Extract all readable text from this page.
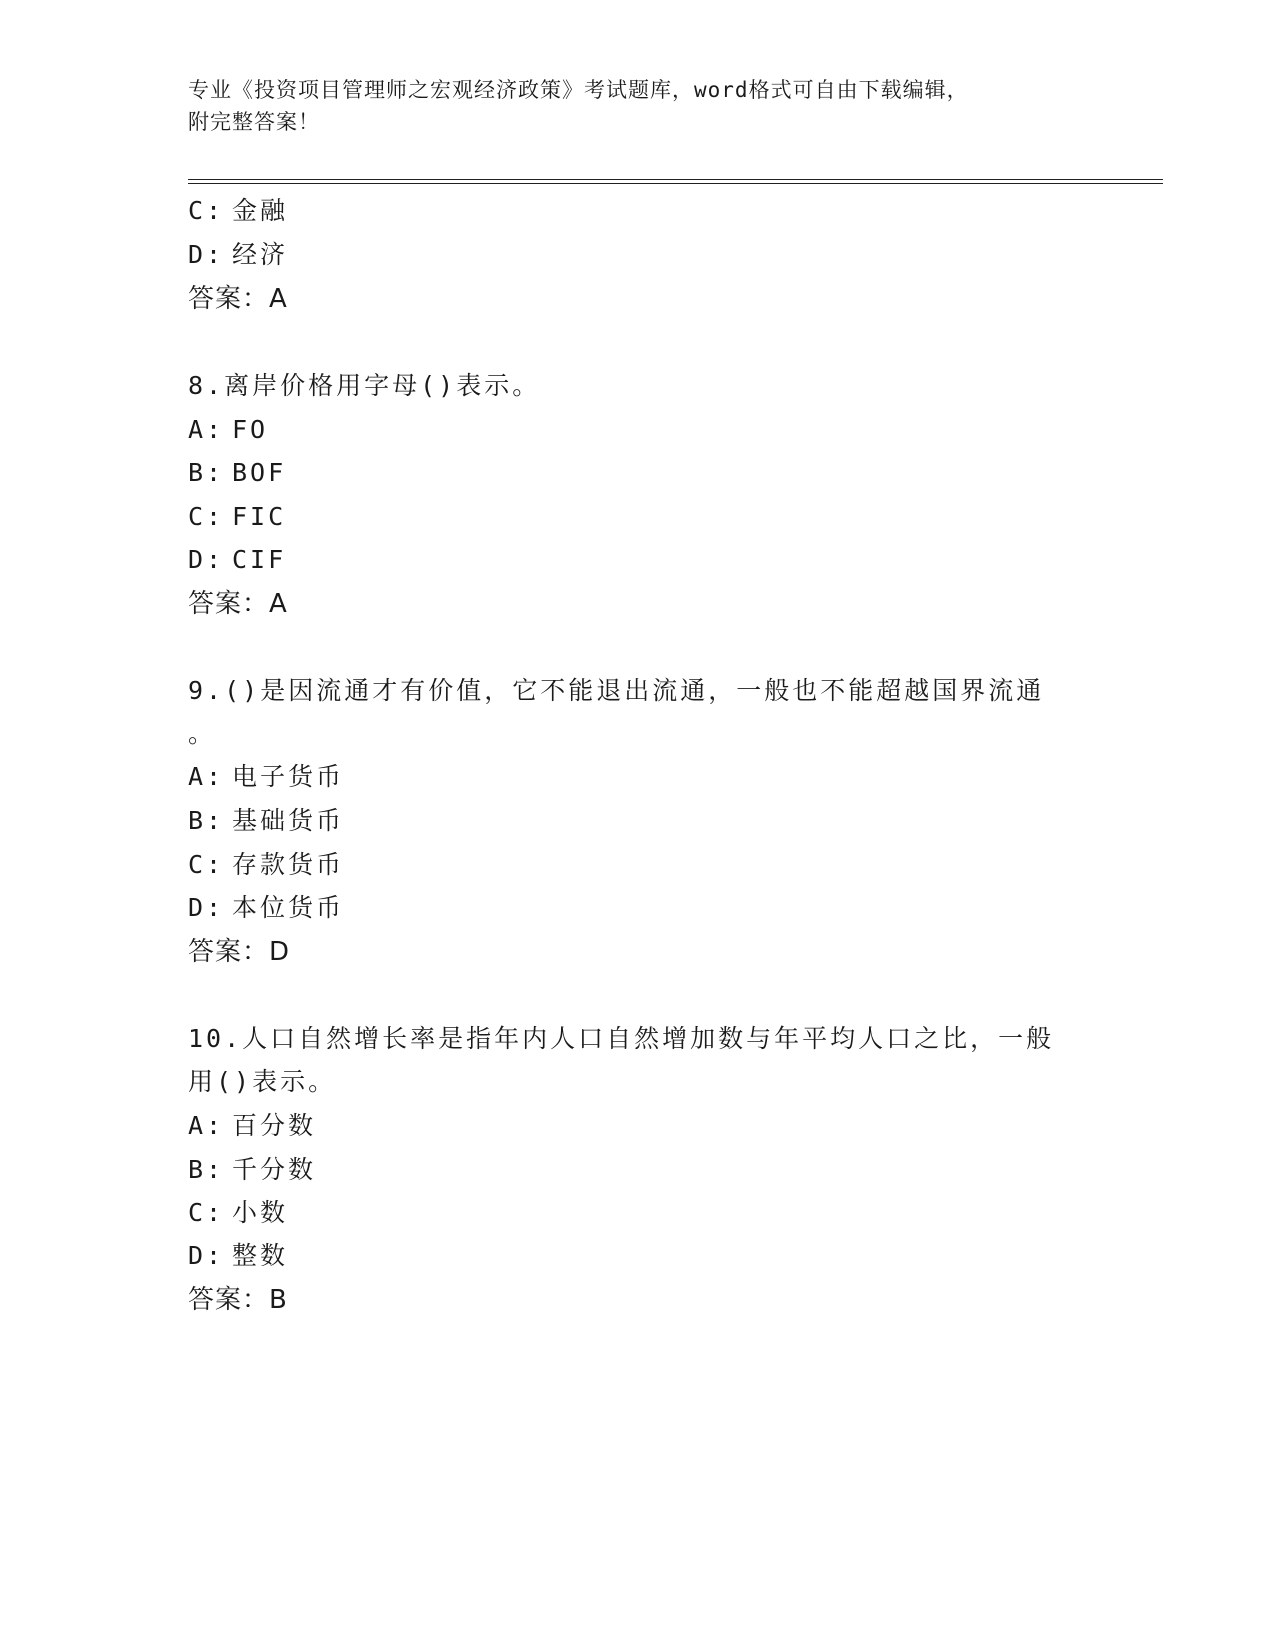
专业《投资项目管理师之宏观经济政策》考试题库，word格式可自由下载编辑，
附完整答案！
C: 金融
D: 经济
答案：A
8.离岸价格用字母()表示。
A: FO
B: BOF
C: FIC
D: CIF
答案：A
9.()是因流通才有价值，它不能退出流通，一般也不能超越国界流通
。
A: 电子货币
B: 基础货币
C: 存款货币
D: 本位货币
答案：D
10.人口自然增长率是指年内人口自然增加数与年平均人口之比，一般
用()表示。
A: 百分数
B: 千分数
C: 小数
D: 整数
答案：B
